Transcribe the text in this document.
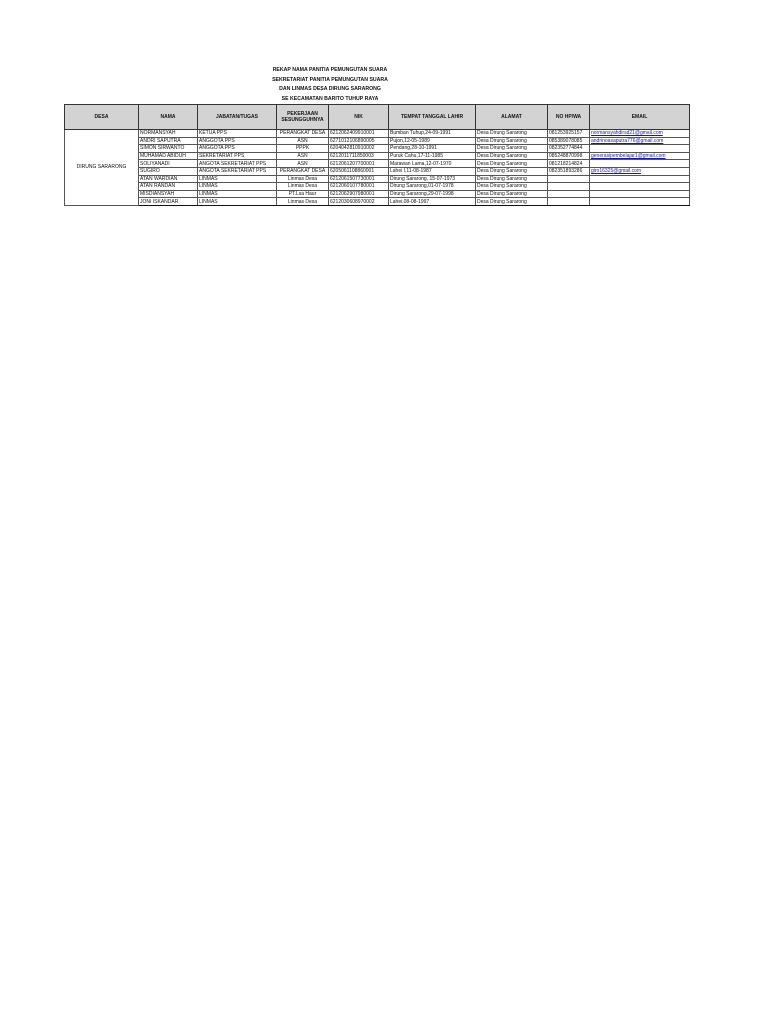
REKAP NAMA PANITIA PEMUNGUTAN SUARA
SEKRETARIAT PANITIA PEMUNGUTAN SUARA
DAN LINMAS DESA DIRUNG SARARONG
SE KECAMATAN BARITO TUHUP RAYA
DESA	NAMA	JABATAN/TUGAS	PEKERJAAN SESUNGGUHNYA	NIK	TEMPAT TANGGAL LAHIR	ALAMAT	NO HP/WA	EMAIL
DIRUNG SARARONG	NORMANSYAH	KETUA PPS	PERANGKAT DESA	6212062409910001	Bumban Tuhup,24-09-1991	Desa Dirung Sararong	081253925157	normansyahdirsd21@gmail.com
	ANDRI SAPUTRA	ANGGOTA PPS	ASN	6271012106890005	Pujon,12-05-1989	Desa Dirung Sararong	085389078085	andrinoasaputra776@gmail.com
	SIMON SIRWANTO	ANGGOTA PPS	PPPK	6204042810910002	Pendang,28-10-1991	Desa Dirung Sararong	082352774844	
	MUHAMAD ABIDUH	SEKRETARIAT PPS	ASN	6212011711850003	Puruk Cahu,17-11-1985	Desa Dirung Sararong	085248870998	generasipembelajar1@gmail.com
	SOLIYANADI	ANGOTA SEKRETARIAT PPS	ASN	6212061207700001	Marawan Lama,12-07-1970	Desa Dirung Sararong	081218214824	
	SUGIRO	ANGOTA SEKRETARIAT PPS	PERANGKAT DESA	6205061108860001	Lahei I,11-08-1987	Desa Dirung Sararong	082351893286	giro16325@gmail.com
	ATAN WARDIAN	LINMAS	Linmas Desa	6212061507730001	Dirung Sararong, 15-07-1973	Desa Dirung Sararong		
	ATAN RANDAN	LINMAS	Linmas Desa	6212060107780001	Dirung Sararong,01-07-1978	Desa Dirung Sararong		
	MISDIANSYAH	LINMAS	PT.Lsa Haur	6212062907980001	Dirung Sararong,29-07-1998	Desa Dirung Sararong		
	JONI ISKANDAR	LINMAS	Linmas Desa	6212030608970002	Lahei,08-08-1997	Desa Dirung Sararong		
